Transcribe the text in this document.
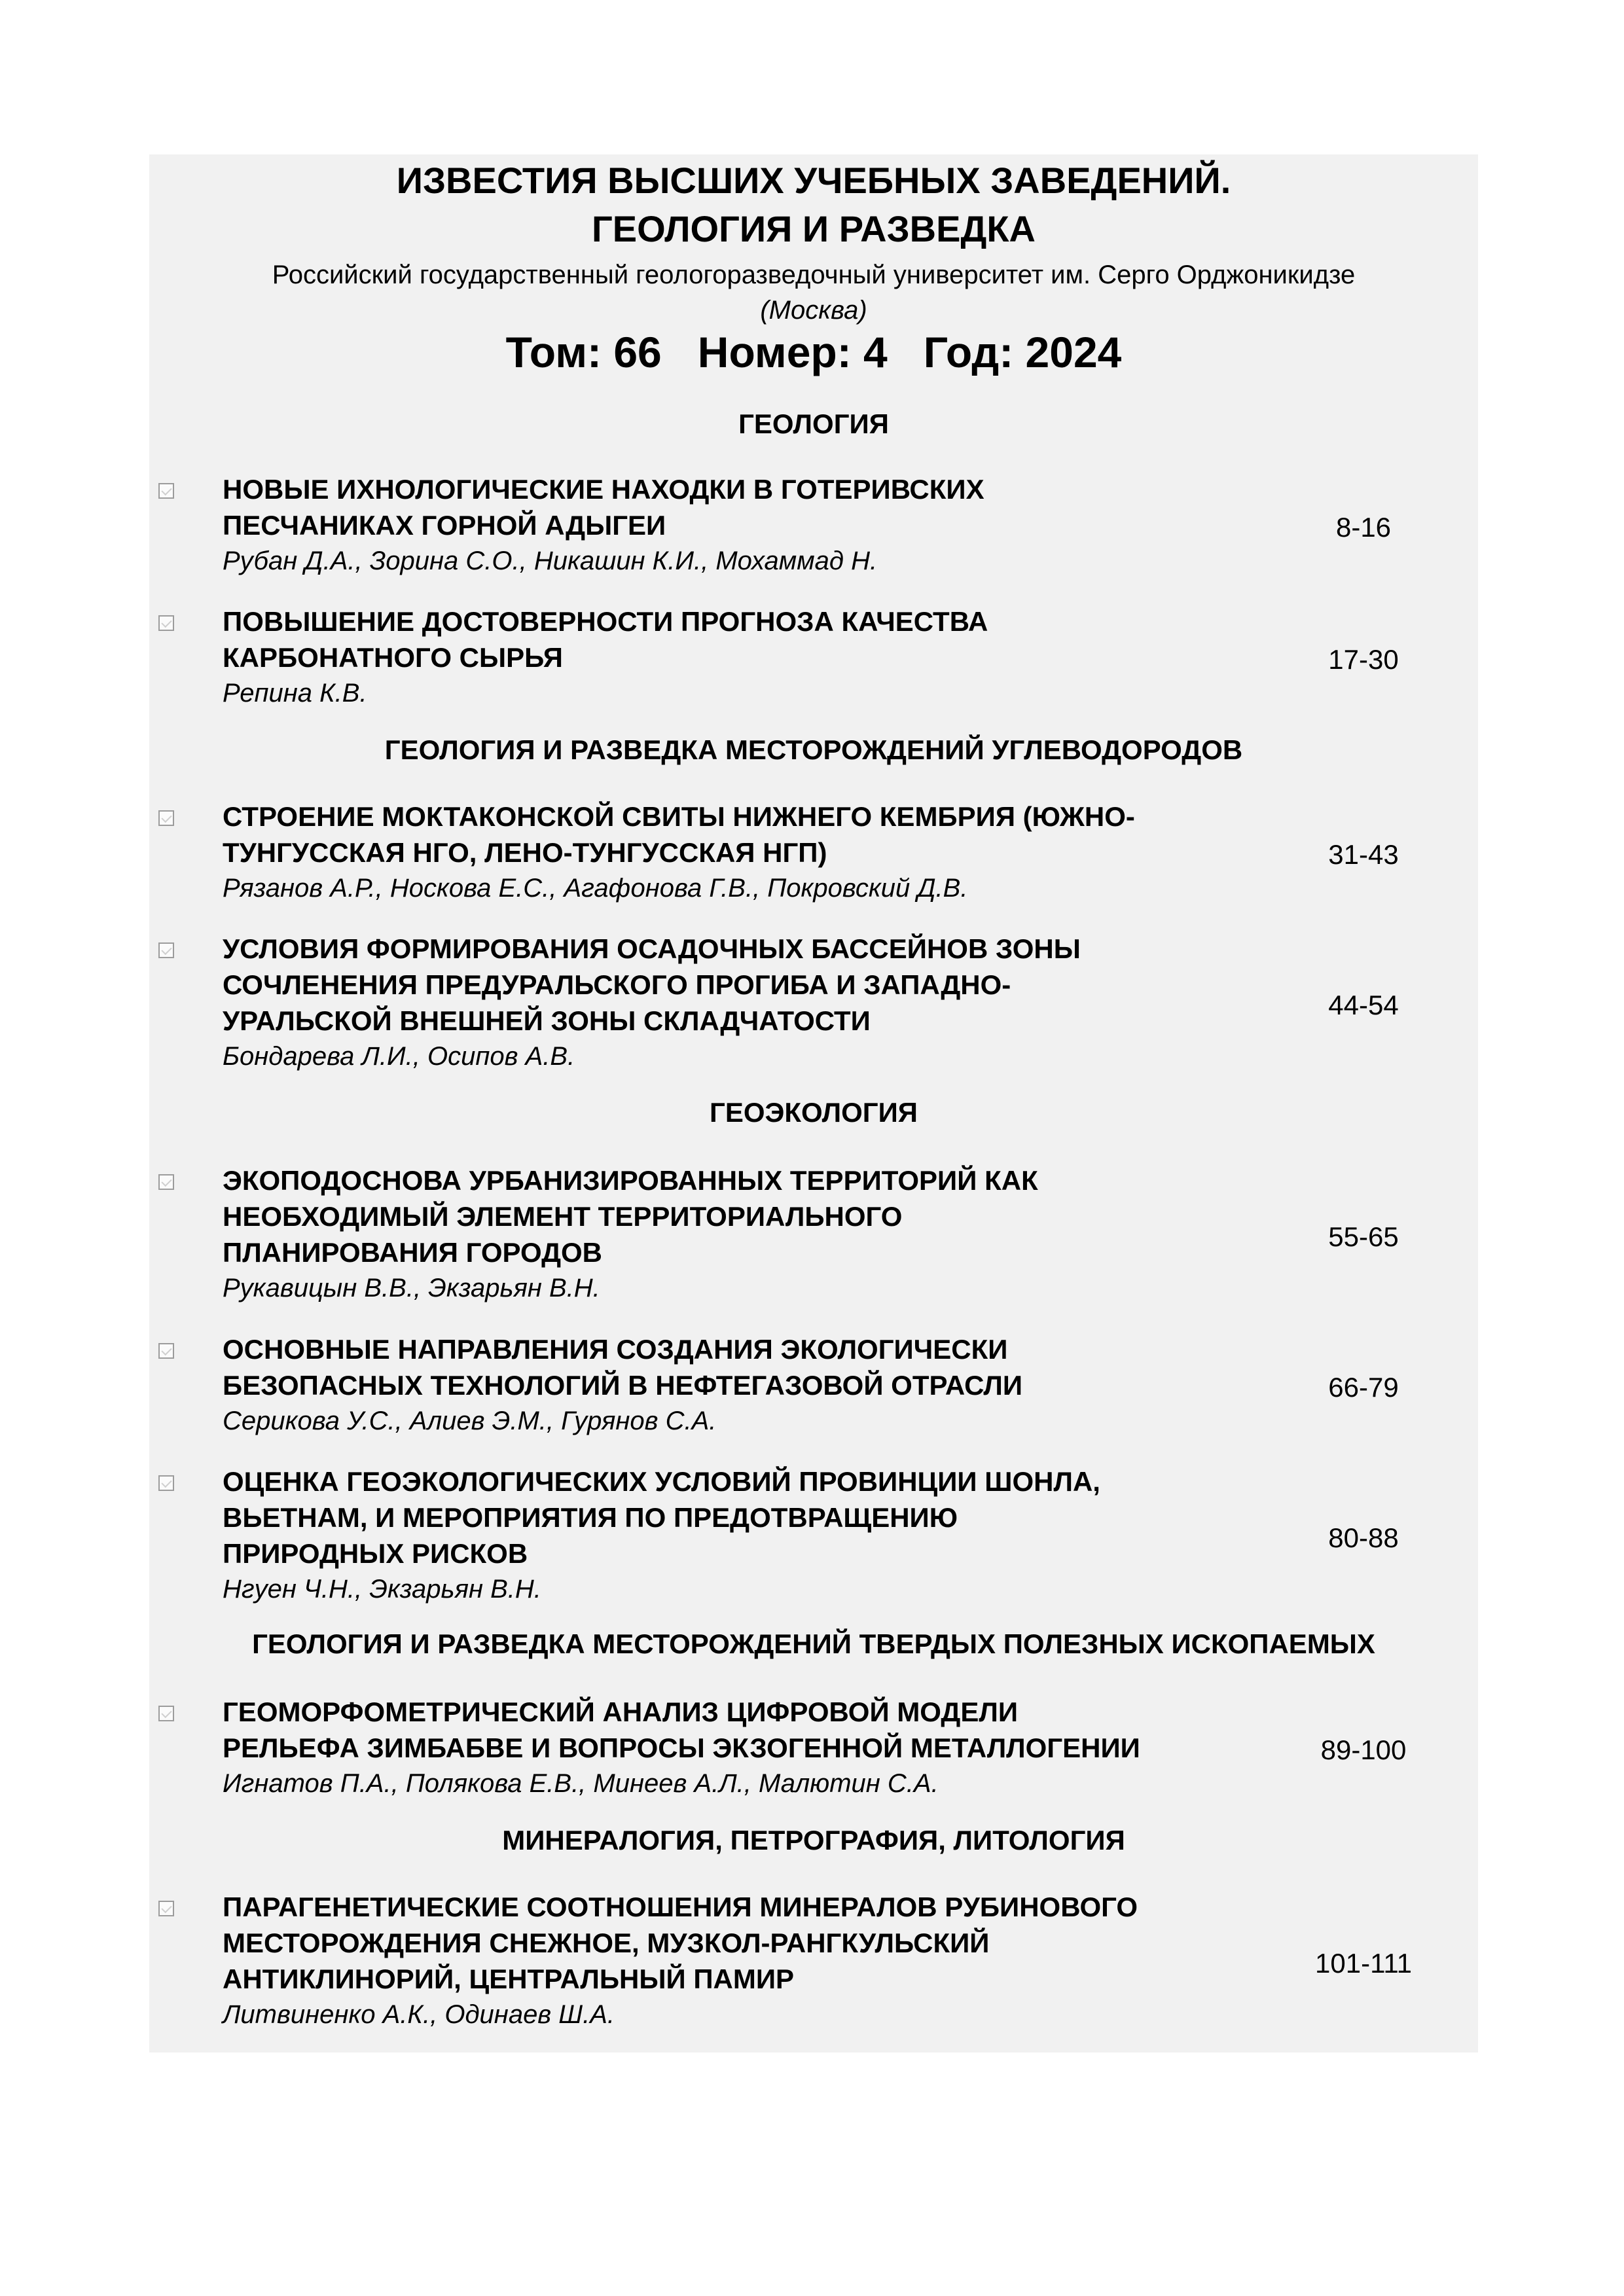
ИЗВЕСТИЯ ВЫСШИХ УЧЕБНЫХ ЗАВЕДЕНИЙ.
ГЕОЛОГИЯ И РАЗВЕДКА
Российский государственный геологоразведочный университет им. Серго Орджоникидзе
(Москва)
Том: 66   Номер: 4   Год: 2024
ГЕОЛОГИЯ
НОВЫЕ ИХНОЛОГИЧЕСКИЕ НАХОДКИ В ГОТЕРИВСКИХ
ПЕСЧАНИКАХ ГОРНОЙ АДЫГЕИ
Рубан Д.А., Зорина С.О., Никашин К.И., Мохаммад Н.
8-16
ПОВЫШЕНИЕ ДОСТОВЕРНОСТИ ПРОГНОЗА КАЧЕСТВА
КАРБОНАТНОГО СЫРЬЯ
Репина К.В.
17-30
ГЕОЛОГИЯ И РАЗВЕДКА МЕСТОРОЖДЕНИЙ УГЛЕВОДОРОДОВ
СТРОЕНИЕ МОКТАКОНСКОЙ СВИТЫ НИЖНЕГО КЕМБРИЯ (ЮЖНО-
ТУНГУССКАЯ НГО, ЛЕНО-ТУНГУССКАЯ НГП)
Рязанов А.Р., Носкова Е.С., Агафонова Г.В., Покровский Д.В.
31-43
УСЛОВИЯ ФОРМИРОВАНИЯ ОСАДОЧНЫХ БАССЕЙНОВ ЗОНЫ
СОЧЛЕНЕНИЯ ПРЕДУРАЛЬСКОГО ПРОГИБА И ЗАПАДНО-
УРАЛЬСКОЙ ВНЕШНЕЙ ЗОНЫ СКЛАДЧАТОСТИ
Бондарева Л.И., Осипов А.В.
44-54
ГЕОЭКОЛОГИЯ
ЭКОПОДОСНОВА УРБАНИЗИРОВАННЫХ ТЕРРИТОРИЙ КАК
НЕОБХОДИМЫЙ ЭЛЕМЕНТ ТЕРРИТОРИАЛЬНОГО
ПЛАНИРОВАНИЯ ГОРОДОВ
Рукавицын В.В., Экзарьян В.Н.
55-65
ОСНОВНЫЕ НАПРАВЛЕНИЯ СОЗДАНИЯ ЭКОЛОГИЧЕСКИ
БЕЗОПАСНЫХ ТЕХНОЛОГИЙ В НЕФТЕГАЗОВОЙ ОТРАСЛИ
Серикова У.С., Алиев Э.М., Гурянов С.А.
66-79
ОЦЕНКА ГЕОЭКОЛОГИЧЕСКИХ УСЛОВИЙ ПРОВИНЦИИ ШОНЛА,
ВЬЕТНАМ, И МЕРОПРИЯТИЯ ПО ПРЕДОТВРАЩЕНИЮ
ПРИРОДНЫХ РИСКОВ
Нгуен Ч.Н., Экзарьян В.Н.
80-88
ГЕОЛОГИЯ И РАЗВЕДКА МЕСТОРОЖДЕНИЙ ТВЕРДЫХ ПОЛЕЗНЫХ ИСКОПАЕМЫХ
ГЕОМОРФОМЕТРИЧЕСКИЙ АНАЛИЗ ЦИФРОВОЙ МОДЕЛИ
РЕЛЬЕФА ЗИМБАБВЕ И ВОПРОСЫ ЭКЗОГЕННОЙ МЕТАЛЛОГЕНИИ
Игнатов П.А., Полякова Е.В., Минеев А.Л., Малютин С.А.
89-100
МИНЕРАЛОГИЯ, ПЕТРОГРАФИЯ, ЛИТОЛОГИЯ
ПАРАГЕНЕТИЧЕСКИЕ СООТНОШЕНИЯ МИНЕРАЛОВ РУБИНОВОГО
МЕСТОРОЖДЕНИЯ СНЕЖНОЕ, МУЗКОЛ-РАНГКУЛЬСКИЙ
АНТИКЛИНОРИЙ, ЦЕНТРАЛЬНЫЙ ПАМИР
Литвиненко А.К., Одинаев Ш.А.
101-111
